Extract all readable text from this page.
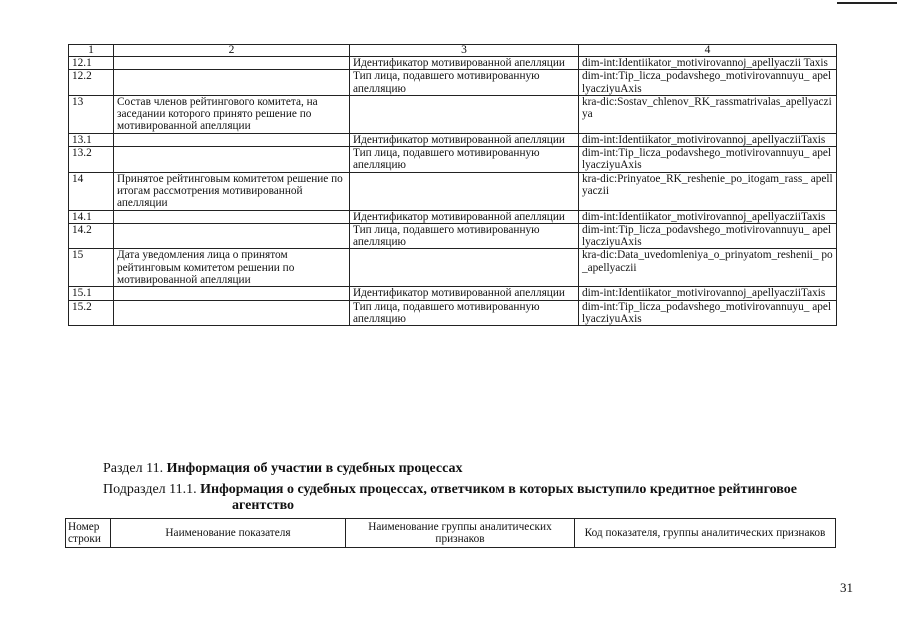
1	2	3	4
12.1		Идентификатор мотивированной апелляции	dim-int:Identiikator_motivirovannoj_apellyaczii Taxis
12.2		Тип лица, подавшего мотивированную апелляцию	dim-int:Tip_licza_podavshego_motivirovannuyu_ apellyacziyuAxis
13	Состав членов рейтингового комитета, на заседании которого принято решение по мотивированной апелляции		kra-dic:Sostav_chlenov_RK_rassmatrivalas_apellyacziya
13.1		Идентификатор мотивированной апелляции	dim-int:Identiikator_motivirovannoj_apellyacziiTaxis
13.2		Тип лица, подавшего мотивированную апелляцию	dim-int:Tip_licza_podavshego_motivirovannuyu_ apellyacziyuAxis
14	Принятое рейтинговым комитетом решение по итогам рассмотрения мотивированной апелляции		kra-dic:Prinyatoe_RK_reshenie_po_itogam_rass_ apellyaczii
14.1		Идентификатор мотивированной апелляции	dim-int:Identiikator_motivirovannoj_apellyacziiTaxis
14.2		Тип лица, подавшего мотивированную апелляцию	dim-int:Tip_licza_podavshego_motivirovannuyu_ apellyacziyuAxis
15	Дата уведомления лица о принятом рейтинговым комитетом решении по мотивированной апелляции		kra-dic:Data_uvedomleniya_o_prinyatom_reshenii_ po_apellyaczii
15.1		Идентификатор мотивированной апелляции	dim-int:Identiikator_motivirovannoj_apellyacziiTaxis
15.2		Тип лица, подавшего мотивированную апелляцию	dim-int:Tip_licza_podavshego_motivirovannuyu_ apellyacziyuAxis
Раздел 11. Информация об участии в судебных процессах
Подраздел 11.1. Информация о судебных процессах, ответчиком в которых выступило кредитное рейтинговое
агентство
Номер строки	Наименование показателя	Наименование группы аналитических признаков	Код показателя, группы аналитических признаков
31
